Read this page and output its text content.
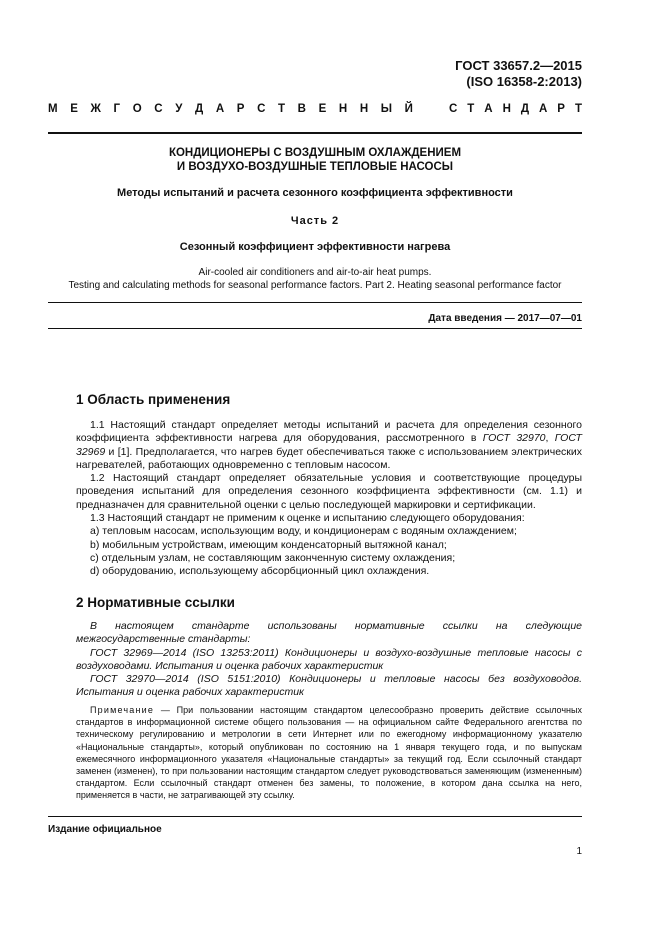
ГОСТ 33657.2—2015
(ISO 16358-2:2013)
М Е Ж Г О С У Д А Р С Т В Е Н Н Ы Й	С Т А Н Д А Р Т
КОНДИЦИОНЕРЫ С ВОЗДУШНЫМ ОХЛАЖДЕНИЕМ
И ВОЗДУХО-ВОЗДУШНЫЕ ТЕПЛОВЫЕ НАСОСЫ
Методы испытаний и расчета сезонного коэффициента эффективности
Часть 2
Сезонный коэффициент эффективности нагрева
Air-cooled air conditioners and air-to-air heat pumps.
Testing and calculating methods for seasonal performance factors. Part 2. Heating seasonal performance factor
Дата введения — 2017—07—01
1 Область применения

1.1 Настоящий стандарт определяет методы испытаний и расчета для определения сезонного коэффициента эффективности нагрева для оборудования, рассмотренного в ГОСТ 32970, ГОСТ 32969 и [1]. Предполагается, что нагрев будет обеспечиваться также с использованием электрических нагревателей, работающих одновременно с тепловым насосом.

1.2 Настоящий стандарт определяет обязательные условия и соответствующие процедуры проведения испытаний для определения сезонного коэффициента эффективности (см. 1.1) и предназначен для сравнительной оценки с целью последующей маркировки и сертификации.

1.3 Настоящий стандарт не применим к оценке и испытанию следующего оборудования:

a) тепловым насосам, использующим воду, и кондиционерам с водяным охлаждением;

b) мобильным устройствам, имеющим конденсаторный вытяжной канал;

c) отдельным узлам, не составляющим законченную систему охлаждения;

d) оборудованию, использующему абсорбционный цикл охлаждения.

2 Нормативные ссылки

В настоящем стандарте использованы нормативные ссылки на следующие межгосударственные стандарты:

ГОСТ 32969—2014 (ISO 13253:2011) Кондиционеры и воздухо-воздушные тепловые насосы с воздуховодами. Испытания и оценка рабочих характеристик

ГОСТ 32970—2014 (ISO 5151:2010) Кондиционеры и тепловые насосы без воздуховодов. Испытания и оценка рабочих характеристик

Примечание — При пользовании настоящим стандартом целесообразно проверить действие ссылочных стандартов в информационной системе общего пользования — на официальном сайте Федерального агентства по техническому регулированию и метрологии в сети Интернет или по ежегодному информационному указателю «Национальные стандарты», который опубликован по состоянию на 1 января текущего года, и по выпускам ежемесячного информационного указателя «Национальные стандарты» за текущий год. Если ссылочный стандарт заменен (изменен), то при пользовании настоящим стандартом следует руководствоваться заменяющим (измененным) стандартом. Если ссылочный стандарт отменен без замены, то положение, в котором дана ссылка на него, применяется в части, не затрагивающей эту ссылку.
Издание официальное
1
